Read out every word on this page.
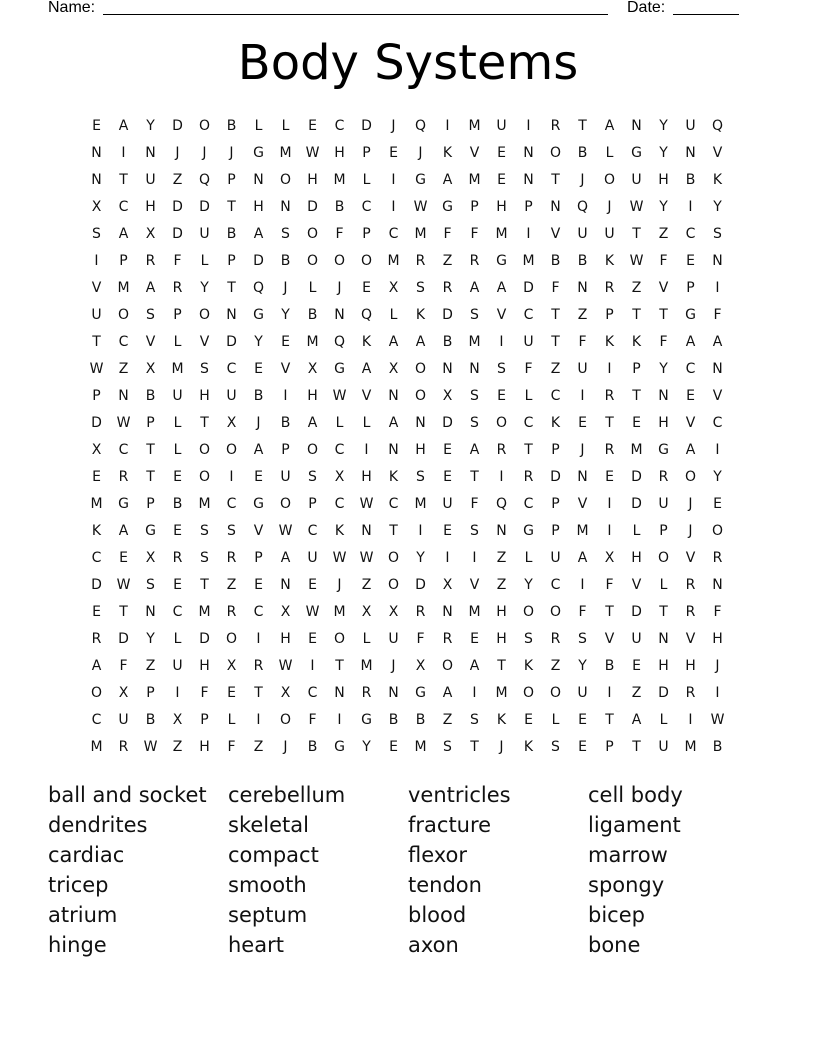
Name:	Date:
Body Systems
E	A	Y	D	O	B	L	L	E	C	D	J	Q	I	M	U	I	R	T	A	N	Y	U	Q
N	I	N	J	J	J	G	M	W	H	P	E	J	K	V	E	N	O	B	L	G	Y	N	V
N	T	U	Z	Q	P	N	O	H	M	L	I	G	A	M	E	N	T	J	O	U	H	B	K
X	C	H	D	D	T	H	N	D	B	C	I	W	G	P	H	P	N	Q	J	W	Y	I	Y
S	A	X	D	U	B	A	S	O	F	P	C	M	F	F	M	I	V	U	U	T	Z	C	S
I	P	R	F	L	P	D	B	O	O	O	M	R	Z	R	G	M	B	B	K	W	F	E	N
V	M	A	R	Y	T	Q	J	L	J	E	X	S	R	A	A	D	F	N	R	Z	V	P	I
U	O	S	P	O	N	G	Y	B	N	Q	L	K	D	S	V	C	T	Z	P	T	T	G	F
T	C	V	L	V	D	Y	E	M	Q	K	A	A	B	M	I	U	T	F	K	K	F	A	A
W	Z	X	M	S	C	E	V	X	G	A	X	O	N	N	S	F	Z	U	I	P	Y	C	N
P	N	B	U	H	U	B	I	H	W	V	N	O	X	S	E	L	C	I	R	T	N	E	V
D	W	P	L	T	X	J	B	A	L	L	A	N	D	S	O	C	K	E	T	E	H	V	C
X	C	T	L	O	O	A	P	O	C	I	N	H	E	A	R	T	P	J	R	M	G	A	I
E	R	T	E	O	I	E	U	S	X	H	K	S	E	T	I	R	D	N	E	D	R	O	Y
M	G	P	B	M	C	G	O	P	C	W	C	M	U	F	Q	C	P	V	I	D	U	J	E
K	A	G	E	S	S	V	W	C	K	N	T	I	E	S	N	G	P	M	I	L	P	J	O
C	E	X	R	S	R	P	A	U	W W	O	Y	I	I	Z	L	U	A	X	H	O	V	R
D	W	S	E	T	Z	E	N	E	J	Z	O	D	X	V	Z	Y	C	I	F	V	L	R	N
E	T	N	C	M	R	C	X	W	M	X	X	R	N	M	H	O	O	F	T	D	T	R	F
R	D	Y	L	D	O	I	H	E	O	L	U	F	R	E	H	S	R	S	V	U	N	V	H
A	F	Z	U	H	X	R	W	I	T	M	J	X	O	A	T	K	Z	Y	B	E	H	H	J
O	X	P	I	F	E	T	X	C	N	R	N	G	A	I	M	O	O	U	I	Z	D	R	I
C	U	B	X	P	L	I	O	F	I	G	B	B	Z	S	K	E	L	E	T	A	L	I	W
M	R	W	Z	H	F	Z	J	B	G	Y	E	M	S	T	J	K	S	E	P	T	U	M	B
ball and socket	cerebellum	ventricles	cell body
dendrites	skeletal	fracture	ligament
cardiac	compact	flexor	marrow
tricep	smooth	tendon	spongy
atrium	septum	blood	bicep
hinge	heart	axon	bone
